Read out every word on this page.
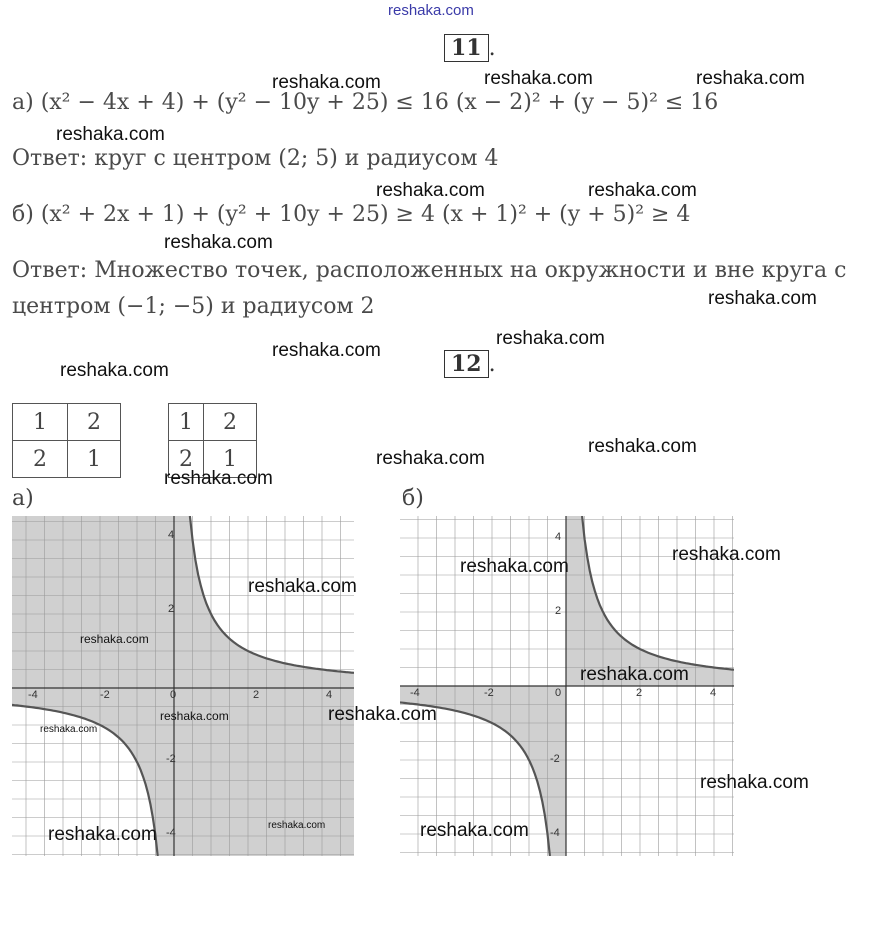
reshaka.com
11 .
а) (x² − 4x + 4) + (y² − 10y + 25) ≤ 16 (x − 2)² + (y − 5)² ≤ 16
Ответ: круг с центром (2; 5) и радиусом 4
б) (x² + 2x + 1) + (y² + 10y + 25) ≥ 4 (x + 1)² + (y + 5)² ≥ 4
Ответ: Множество точек, расположенных на окружности и вне круга с
центром (−1; −5) и радиусом 2
12 .
1	2
2	1
1	2
2	1
а)	б)
-4	-2	0	2	4
4
2
-2
-4
-4	-2	0	2	4
4
2
-2
-4
reshaka.com	reshaka.com	reshaka.com
reshaka.com
reshaka.com	reshaka.com
reshaka.com
reshaka.com
reshaka.com
reshaka.com
reshaka.com
reshaka.com
reshaka.com
reshaka.com
reshaka.com
reshaka.com
reshaka.com
reshaka.com
reshaka.com
reshaka.com
reshaka.com
reshaka.com
reshaka.com
reshaka.com
reshaka.com
reshaka.com
